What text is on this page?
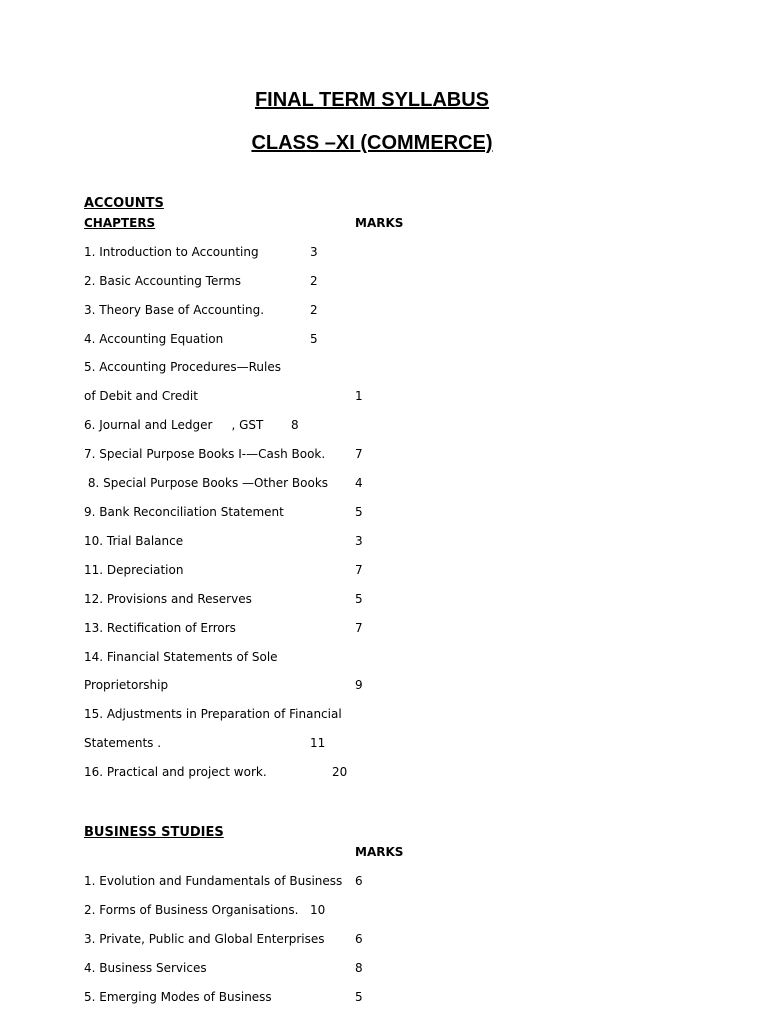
FINAL TERM SYLLABUS
CLASS –XI (COMMERCE)
ACCOUNTS
CHAPTERS	MARKS
1. Introduction to Accounting	3
2. Basic Accounting Terms	2
3. Theory Base of Accounting.	2
4. Accounting Equation	5
5. Accounting Procedures—Rules
of Debit and Credit	1
6. Journal and Ledger     , GST 8
7. Special Purpose Books I-—Cash Book. 7
8. Special Purpose Books —Other Books 4
9. Bank Reconciliation Statement	5
10. Trial Balance	3
11. Depreciation	7
12. Provisions and Reserves	5
13. Rectification of Errors	7
14. Financial Statements of Sole
Proprietorship	9
15. Adjustments in Preparation of Financial
Statements .	11
16. Practical and project work.	20
BUSINESS STUDIES
MARKS
1. Evolution and Fundamentals of Business 6
2. Forms of Business Organisations. 10
3. Private, Public and Global Enterprises	6
4. Business Services	8
5. Emerging Modes of Business	5
